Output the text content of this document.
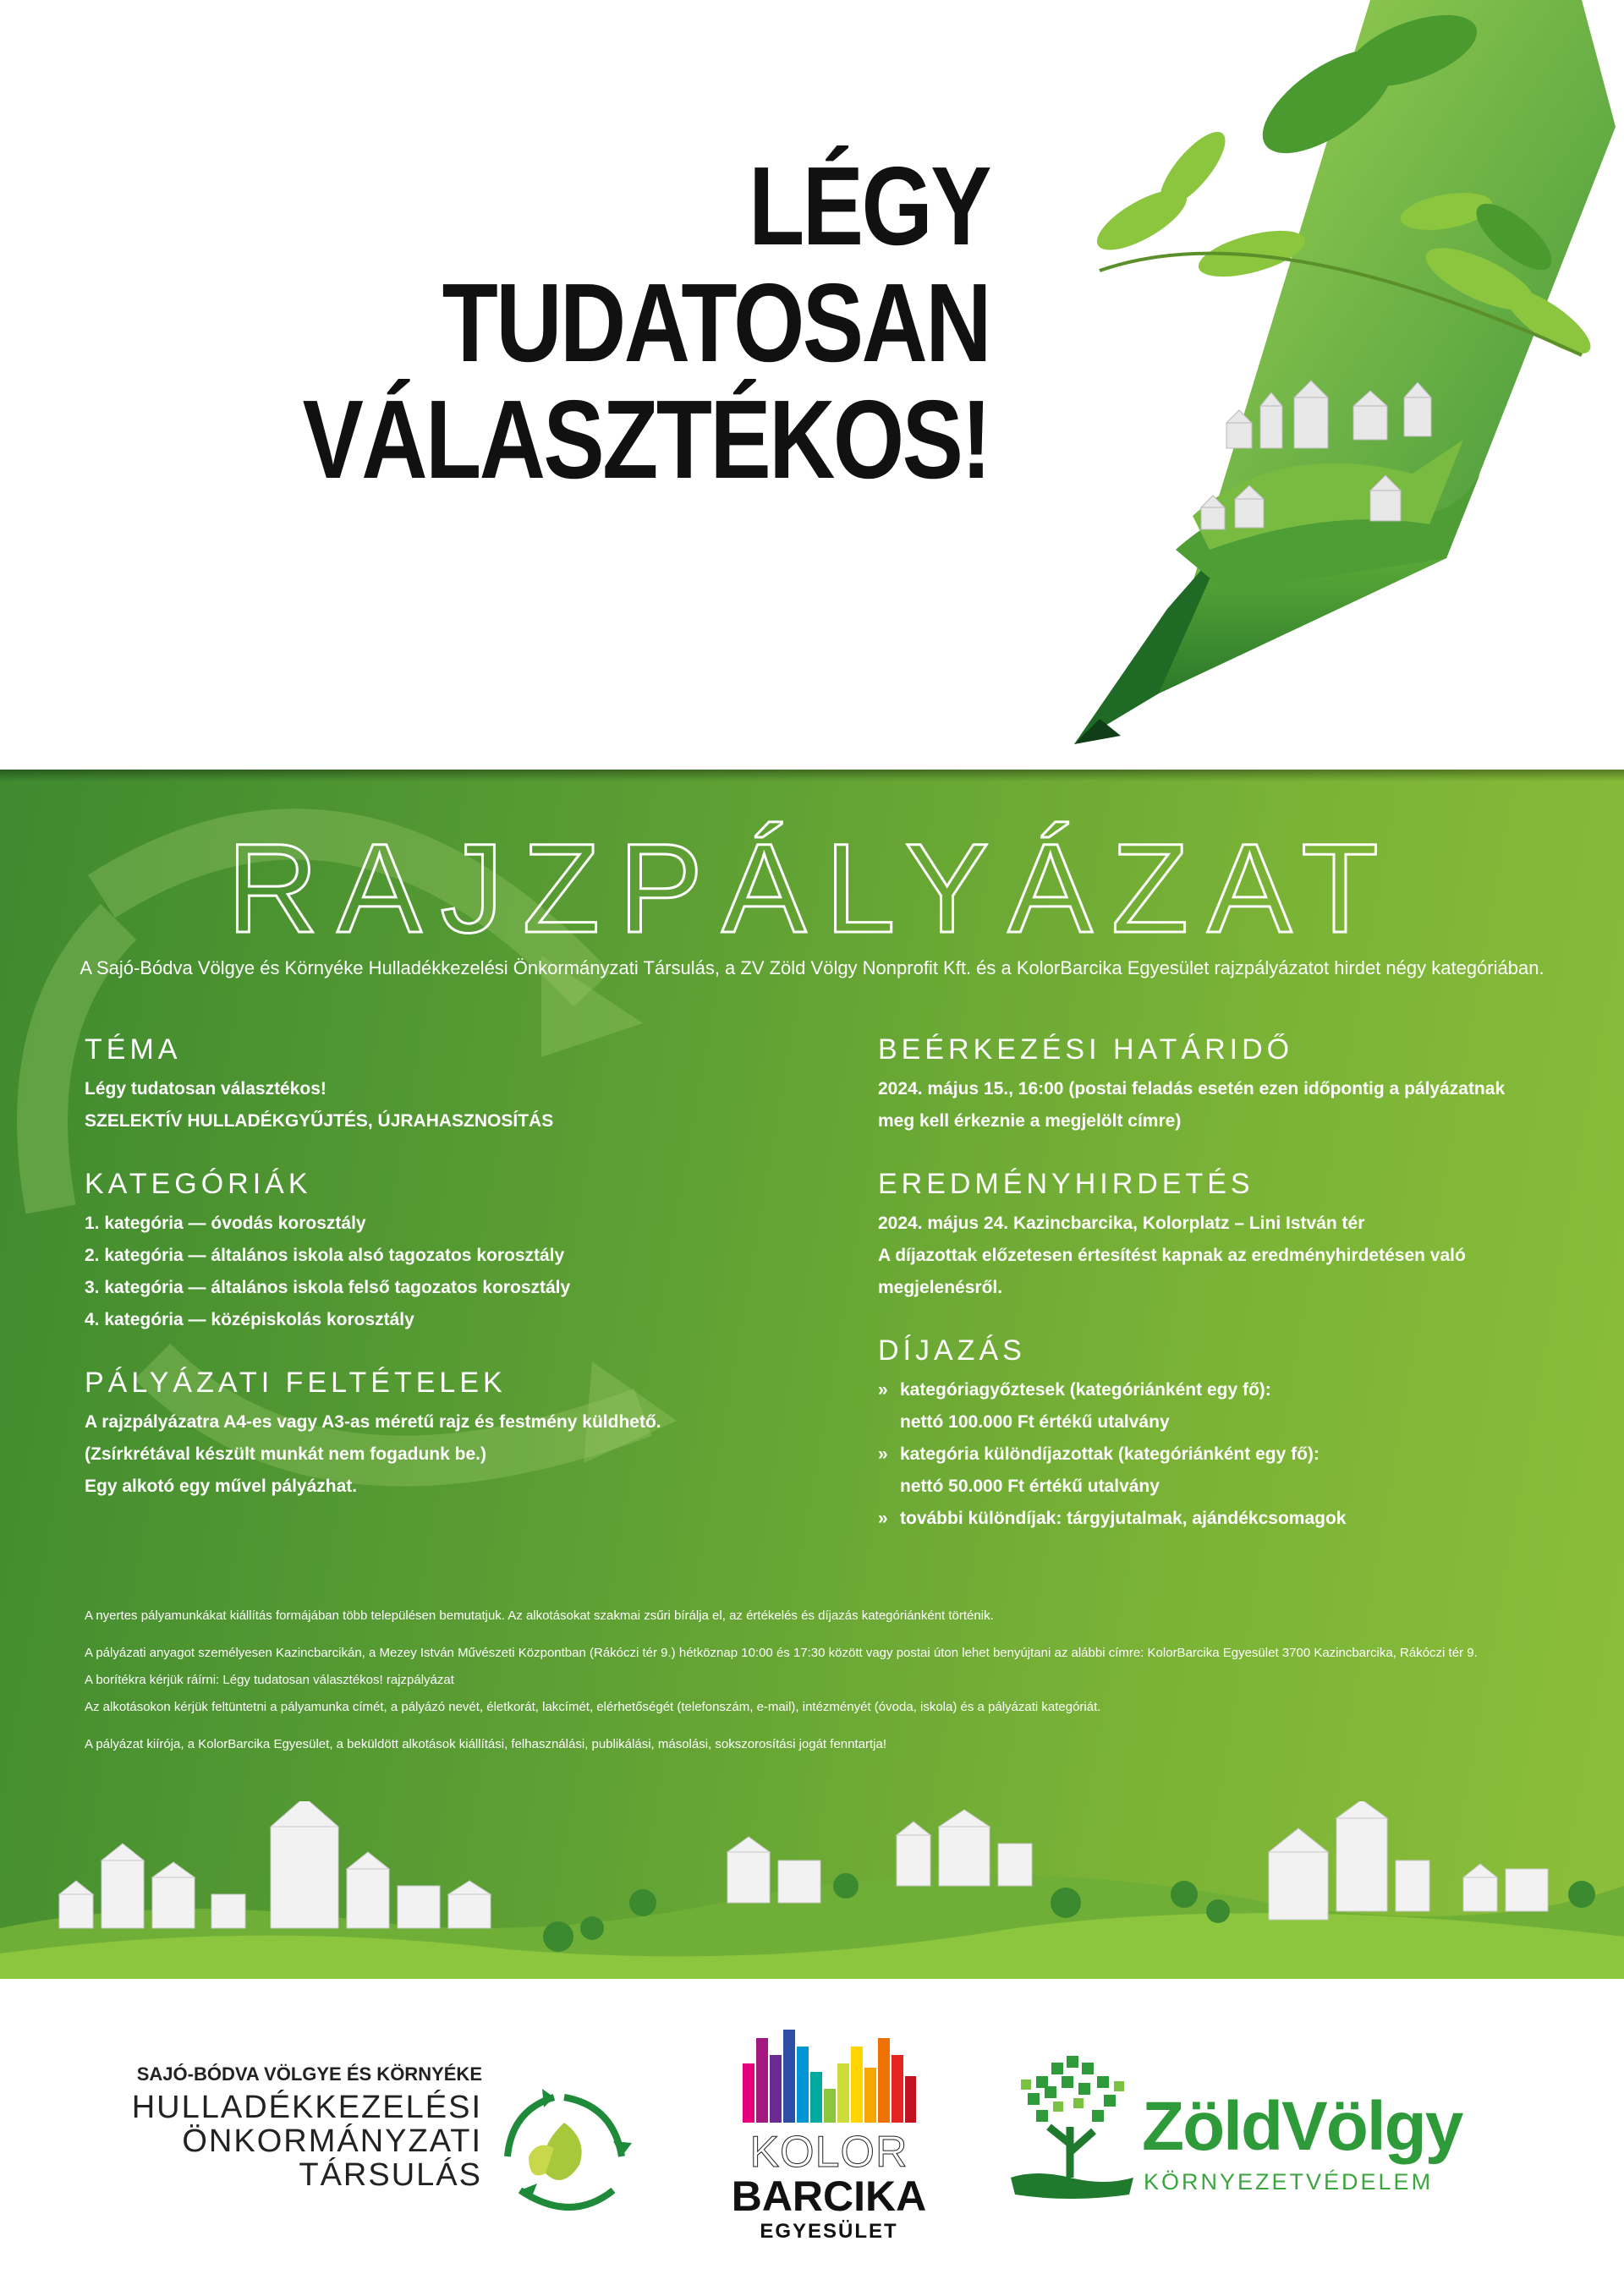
LÉGY
TUDATOSAN
VÁLASZTÉKOS!
RAJZPÁLYÁZAT

A Sajó-Bódva Völgye és Környéke Hulladékkezelési Önkormányzati Társulás, a ZV Zöld Völgy Nonprofit Kft. és a KolorBarcika Egyesület rajzpályázatot hirdet négy kategóriában.

TÉMA

Légy tudatosan választékos!

SZELEKTÍV HULLADÉKGYŰJTÉS, ÚJRAHASZNOSÍTÁS

KATEGÓRIÁK

1. kategória — óvodás korosztály

2. kategória — általános iskola alsó tagozatos korosztály

3. kategória — általános iskola felső tagozatos korosztály

4. kategória — középiskolás korosztály

PÁLYÁZATI FELTÉTELEK

A rajzpályázatra A4-es vagy A3-as méretű rajz és festmény küldhető.

(Zsírkrétával készült munkát nem fogadunk be.)

Egy alkotó egy művel pályázhat.

BEÉRKEZÉSI HATÁRIDŐ

2024. május 15., 16:00 (postai feladás esetén ezen időpontig a pályázatnak

meg kell érkeznie a megjelölt címre)

EREDMÉNYHIRDETÉS

2024. május 24. Kazincbarcika, Kolorplatz – Lini István tér

A díjazottak előzetesen értesítést kapnak az eredményhirdetésen való

megjelenésről.

DÍJAZÁS
» kategóriagyőztesek (kategóriánként egy fő):
nettó 100.000 Ft értékű utalvány
» kategória különdíjazottak (kategóriánként egy fő):
nettó 50.000 Ft értékű utalvány
» további különdíjak: tárgyjutalmak, ajándékcsomagok

A nyertes pályamunkákat kiállítás formájában több településen bemutatjuk. Az alkotásokat szakmai zsűri bírálja el, az értékelés és díjazás kategóriánként történik.

A pályázati anyagot személyesen Kazincbarcikán, a Mezey István Művészeti Központban (Rákóczi tér 9.) hétköznap 10:00 és 17:30 között vagy postai úton lehet benyújtani az alábbi címre: KolorBarcika Egyesület 3700 Kazincbarcika, Rákóczi tér 9.

A borítékra kérjük ráírni: Légy tudatosan választékos! rajzpályázat

Az alkotásokon kérjük feltüntetni a pályamunka címét, a pályázó nevét, életkorát, lakcímét, elérhetőségét (telefonszám, e-mail), intézményét (óvoda, iskola) és a pályázati kategóriát.

A pályázat kiírója, a KolorBarcika Egyesület, a beküldött alkotások kiállítási, felhasználási, publikálási, másolási, sokszorosítási jogát fenntartja!

SAJÓ-BÓDVA VÖLGYE ÉS KÖRNYÉKE

HULLADÉKKEZELÉSI

ÖNKORMÁNYZATI

TÁRSULÁS	KOLOR

BARCIKA

EGYESÜLET

ZöldVölgy

KÖRNYEZETVÉDELEM
